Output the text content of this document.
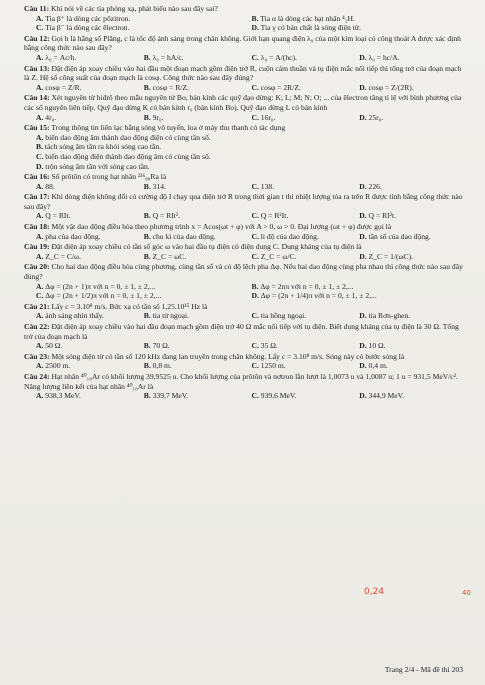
Câu 11: Khi nói về các tia phóng xạ, phát biểu nào sau đây sai?
A. Tia β⁺ là dòng các pôzitron.	B. Tia α là dòng các hạt nhân ⁴₂H.
C. Tia β⁻ là dòng các êlectron.	D. Tia γ có bản chất là sóng điện từ.
Câu 12: Gọi h là hằng số Plăng, c là tốc độ ánh sáng trong chân không. Giới hạn quang điện λ₀ của một kim loại có công thoát A được xác định bằng công thức nào sau đây?
A. λ₀ = Ac/h.	B. λ₀ = hA/c.	C. λ₀ = A/(hc).	D. λ₀ = hc/A.
Câu 13: Đặt điện áp xoay chiều vào hai đầu một đoạn mạch gồm điện trở R, cuộn cảm thuần và tụ điện mắc nối tiếp thì tổng trở của đoạn mạch là Z. Hệ số công suất của đoạn mạch là cosφ. Công thức nào sau đây đúng?
A. cosφ = Z/R.	B. cosφ = R/Z.	C. cosφ = 2R/Z.	D. cosφ = Z/(2R).
Câu 14: Xét nguyên tử hiđrô theo mẫu nguyên tử Bo, bán kính các quỹ đạo dừng: K; L; M; N; O; ... của êlectron tăng tỉ lệ với bình phương của các số nguyên liên tiếp. Quỹ đạo dừng K có bán kính r₀ (bán kính Bo). Quỹ đạo dừng L có bán kính
A. 4r₀.	B. 9r₀.	C. 16r₀.	D. 25r₀.
Câu 15: Trong thông tin liên lạc bằng sóng vô tuyến, loa ở máy thu thanh có tác dụng
A. biến dao động âm thành dao động điện có cùng tần số.
B. tách sóng âm tần ra khỏi sóng cao tần.
C. biến dao động điện thành dao động âm có cùng tần số.
D. trộn sóng âm tần với sóng cao tần.
Câu 16: Số prôtôn có trong hạt nhân ²²⁶₈₈Ra là
A. 88.	B. 314.	C. 138.	D. 226.
Câu 17: Khi dòng điện không đổi có cường độ I chạy qua điện trở R trong thời gian t thì nhiệt lượng tỏa ra trên R được tính bằng công thức nào sau đây?
A. Q = RIt.	B. Q = RIt².	C. Q = R²It.	D. Q = RI²t.
Câu 18: Một vật dao động điều hòa theo phương trình x = Acos(ωt + φ) với A > 0, ω > 0. Đại lượng (ωt + φ) được gọi là
A. pha của dao động.	B. chu kì của dao động.	C. li độ của dao động.	D. tần số của dao động.
Câu 19: Đặt điện áp xoay chiều có tần số góc ω vào hai đầu tụ điện có điện dung C. Dung kháng của tụ điện là
A. Z_C = C/ω.	B. Z_C = ωC.	C. Z_C = ω/C.	D. Z_C = 1/(ωC).
Câu 20: Cho hai dao động điều hòa cùng phương, cùng tần số và có độ lệch pha Δφ. Nếu hai dao động cùng pha nhau thì công thức nào sau đây đúng?
A. Δφ = (2n + 1)π với n = 0, ± 1, ± 2,...	B. Δφ = 2nπ với n = 0, ± 1, ± 2,...
C. Δφ = (2n + 1/2)π với n = 0, ± 1, ± 2,...	D. Δφ = (2n + 1/4)π với n = 0, ± 1, ± 2,...
Câu 21: Lấy c = 3.10⁸ m/s. Bức xạ có tần số 1,25.10¹⁵ Hz là
A. ánh sáng nhìn thấy.	B. tia tử ngoại.	C. tia hồng ngoại.	D. tia Rơn-ghen.
Câu 22: Đặt điện áp xoay chiều vào hai đầu đoạn mạch gồm điện trở 40 Ω mắc nối tiếp với tụ điện. Biết dung kháng của tụ điện là 30 Ω. Tổng trở của đoạn mạch là
A. 50 Ω.	B. 70 Ω.	C. 35 Ω.	D. 10 Ω.
Câu 23: Một sóng điện từ có tần số 120 kHz đang lan truyền trong chân không. Lấy c = 3.10⁸ m/s. Sóng này có bước sóng là
A. 2500 m.	B. 0,8 m.	C. 1250 m.	D. 0,4 m.
Câu 24: Hạt nhân ⁴⁰₁₈Ar có khối lượng 39,9525 u. Cho khối lượng của prôtôn và nơtron lần lượt là 1,0073 u và 1,0087 u; 1 u = 931,5 MeV/c². Năng lượng liên kết của hạt nhân ⁴⁰₁₈Ar là
A. 938,3 MeV.	B. 339,7 MeV.	C. 939,6 MeV.	D. 344,9 MeV.
0,24	40
Trang 2/4 - Mã đề thi 203
